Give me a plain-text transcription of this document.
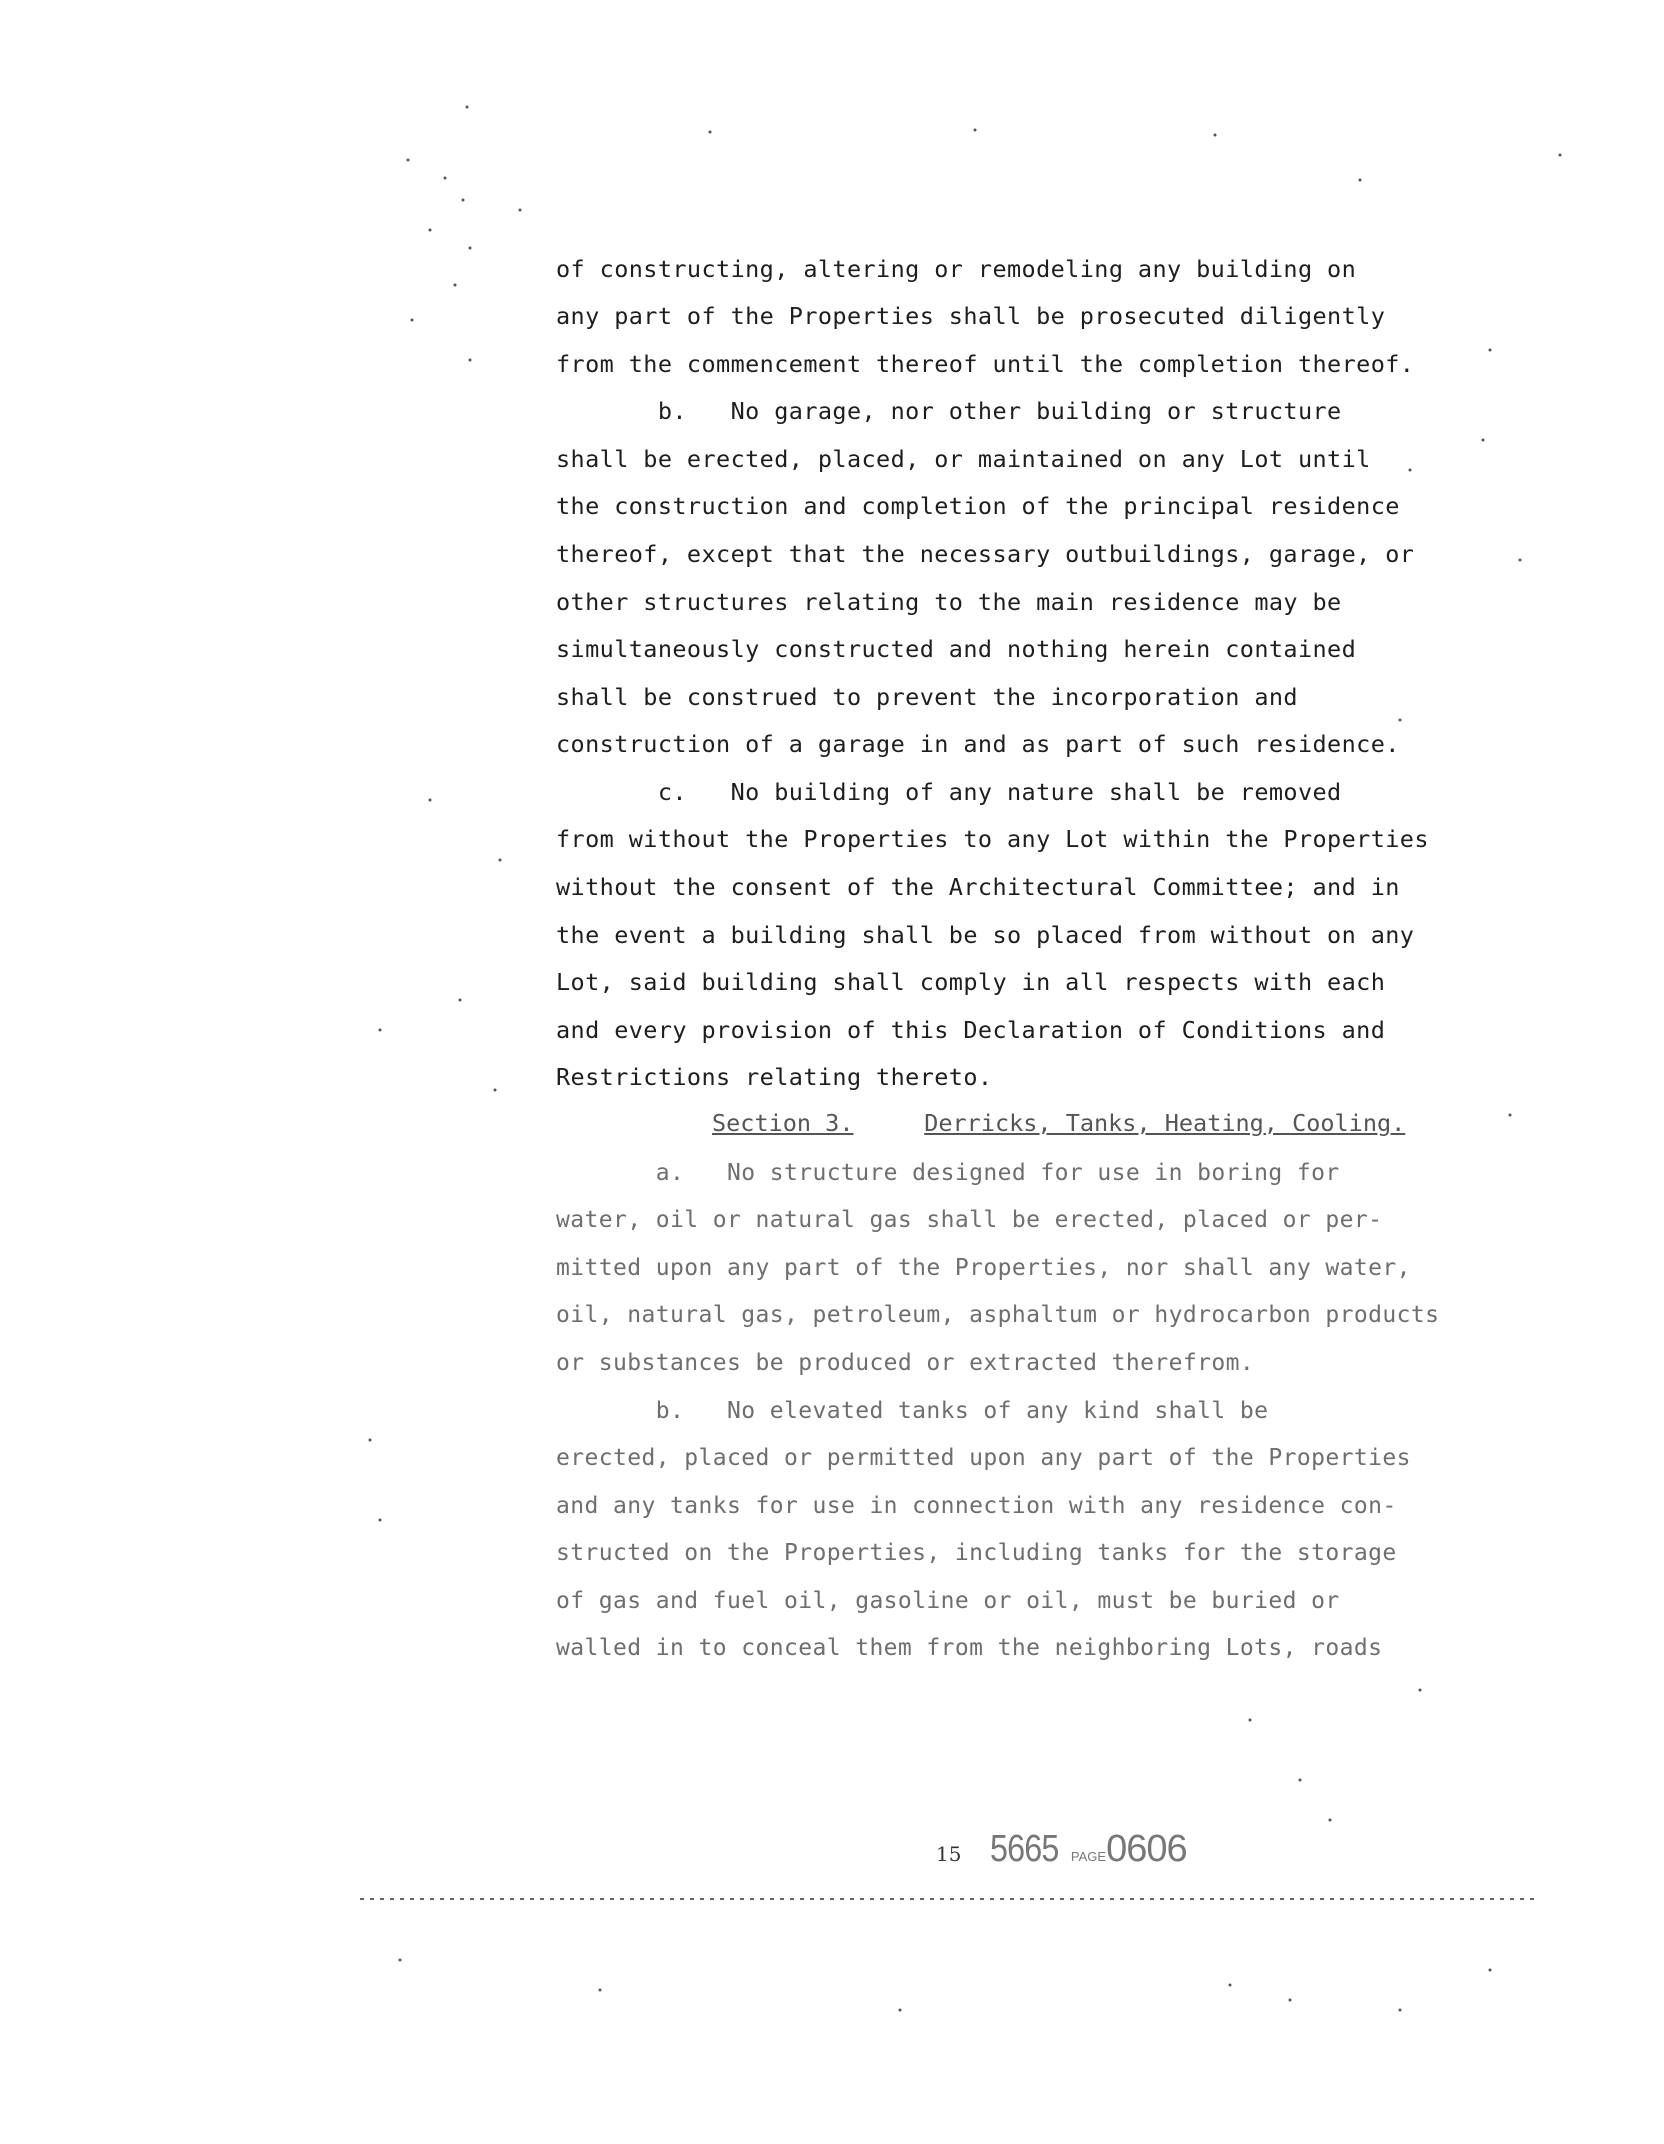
of constructing, altering or remodeling any building on
any part of the Properties shall be prosecuted diligently
from the commencement thereof until the completion thereof.
b.   No garage, nor other building or structure
shall be erected, placed, or maintained on any Lot until
the construction and completion of the principal residence
thereof, except that the necessary outbuildings, garage, or
other structures relating to the main residence may be
simultaneously constructed and nothing herein contained
shall be construed to prevent the incorporation and
construction of a garage in and as part of such residence.
c.   No building of any nature shall be removed
from without the Properties to any Lot within the Properties
without the consent of the Architectural Committee; and in
the event a building shall be so placed from without on any
Lot, said building shall comply in all respects with each
and every provision of this Declaration of Conditions and
Restrictions relating thereto.
Section 3.	Derricks, Tanks, Heating, Cooling.
a.   No structure designed for use in boring for
water, oil or natural gas shall be erected, placed or per-
mitted upon any part of the Properties, nor shall any water,
oil, natural gas, petroleum, asphaltum or hydrocarbon products
or substances be produced or extracted therefrom.
b.   No elevated tanks of any kind shall be
erected, placed or permitted upon any part of the Properties
and any tanks for use in connection with any residence con-
structed on the Properties, including tanks for the storage
of gas and fuel oil, gasoline or oil, must be buried or
walled in to conceal them from the neighboring Lots, roads
15 5665 PAGE0606
